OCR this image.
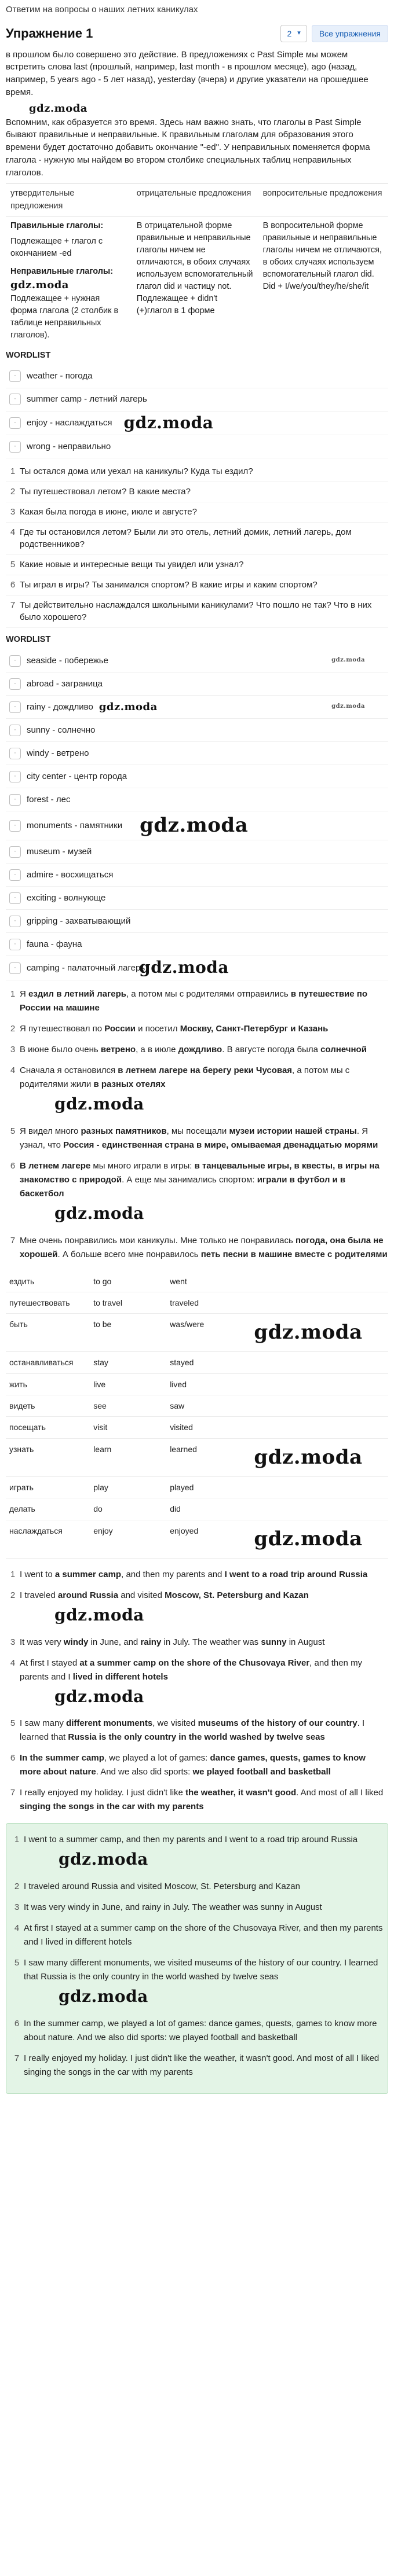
Ответим на вопросы о наших летних каникулах
Упражнение 1	2 ▾	Все упражнения

в прошлом было совершено это действие. В предложениях с Past Simple мы можем встретить слова last (прошлый, например, last month - в прошлом месяце), ago (назад, например, 5 years ago - 5 лет назад), yesterday (вчера) и другие указатели на прошедшее время.

gdz.moda

Вспомним, как образуется это время. Здесь нам важно знать, что глаголы в Past Simple бывают правильные и неправильные. К правильным глаголам для образования этого времени будет достаточно добавить окончание "-ed". У неправильных поменяется форма глагола - нужную мы найдем во втором столбике специальных таблиц неправильных глаголов.

утвердительные предложения	отрицательные предложения	вопросительные предложения

Правильные глаголы:
Подлежащее + глагол с окончанием -ed
Неправильные глаголы:
gdz.moda
Подлежащее + нужная форма глагола (2 столбик в таблице неправильных глаголов).	В отрицательной форме правильные и неправильные глаголы ничем не отличаются, в обоих случаях используем вспомогательный глагол did и частицу not. Подлежащее + didn't (+)глагол в 1 форме	В вопросительной форме правильные и неправильные глаголы ничем не отличаются, в обоих случаях используем вспомогательный глагол did. Did + I/we/you/they/he/she/it
WORDLIST
·	weather - погода
·	summer camp - летний лагерь
·	enjoy - наслаждаться gdz.moda
·	wrong - неправильно
1 Ты остался дома или уехал на каникулы? Куда ты ездил?
2 Ты путешествовал летом? В какие места?
3 Какая была погода в июне, июле и августе?
4 Где ты остановился летом? Были ли это отель, летний домик, летний лагерь, дом родственников?
5 Какие новые и интересные вещи ты увидел или узнал?
6 Ты играл в игры? Ты занимался спортом? В какие игры и каким спортом?
7 Ты действительно наслаждался школьными каникулами? Что пошло не так? Что в них было хорошего?
WORDLIST
·	seaside - побережье	gdz.moda
·	abroad - заграница
·	rainy - дождливо gdz.moda	gdz.moda
·	sunny - солнечно
·	windy - ветрено
·	city center - центр города
·	forest - лес
·	monuments - памятники gdz.moda
·	museum - музей
·	admire - восхищаться
·	exciting - волнующе
·	gripping - захватывающий
·	fauna - фауна
·	camping - палаточный лагерь
gdz.moda
1 Я ездил в летний лагерь, а потом мы с родителями отправились в путешествие по России на машине
2 Я путешествовал по России и посетил Москву, Санкт-Петербург и Казань
3 В июне было очень ветрено, а в июле дождливо. В августе погода была солнечной
4 Сначала я остановился в летнем лагере на берегу реки Чусовая, а потом мы с родителями жили в разных отелях
gdz.moda
5 Я видел много разных памятников, мы посещали музеи истории нашей страны. Я узнал, что Россия - единственная страна в мире, омываемая двенадцатью морями
6 В летнем лагере мы много играли в игры: в танцевальные игры, в квесты, в игры на знакомство с природой. А еще мы занимались спортом: играли в футбол и в баскетбол
gdz.moda
7 Мне очень понравились мои каникулы. Мне только не понравилась погода, она была не хорошей. А больше всего мне понравилось петь песни в машине вместе с родителями
ездить	to go	went	
путешествовать	to travel	traveled	
быть	to be	was/were	gdz.moda
останавливаться	stay	stayed	
жить	live	lived	
видеть	see	saw	
посещать	visit	visited	
узнать	learn	learned	gdz.moda
играть	play	played	
делать	do	did	
наслаждаться	enjoy	enjoyed	gdz.moda
1 I went to a summer camp, and then my parents and I went to a road trip around Russia
2 I traveled around Russia and visited Moscow, St. Petersburg and Kazan
gdz.moda
3 It was very windy in June, and rainy in July. The weather was sunny in August
4 At first I stayed at a summer camp on the shore of the Chusovaya River, and then my parents and I lived in different hotels
gdz.moda
5 I saw many different monuments, we visited museums of the history of our country. I learned that Russia is the only country in the world washed by twelve seas
6 In the summer camp, we played a lot of games: dance games, quests, games to know more about nature. And we also did sports: we played football and basketball
7 I really enjoyed my holiday. I just didn't like the weather, it wasn't good. And most of all I liked singing the songs in the car with my parents
1 I went to a summer camp, and then my parents and I went to a road trip around Russia
gdz.moda
2 I traveled around Russia and visited Moscow, St. Petersburg and Kazan
3 It was very windy in June, and rainy in July. The weather was sunny in August
4 At first I stayed at a summer camp on the shore of the Chusovaya River, and then my parents and I lived in different hotels
5 I saw many different monuments, we visited museums of the history of our country. I learned that Russia is the only country in the world washed by twelve seas
gdz.moda
6 In the summer camp, we played a lot of games: dance games, quests, games to know more about nature. And we also did sports: we played football and basketball
7 I really enjoyed my holiday. I just didn't like the weather, it wasn't good. And most of all I liked singing the songs in the car with my parents
